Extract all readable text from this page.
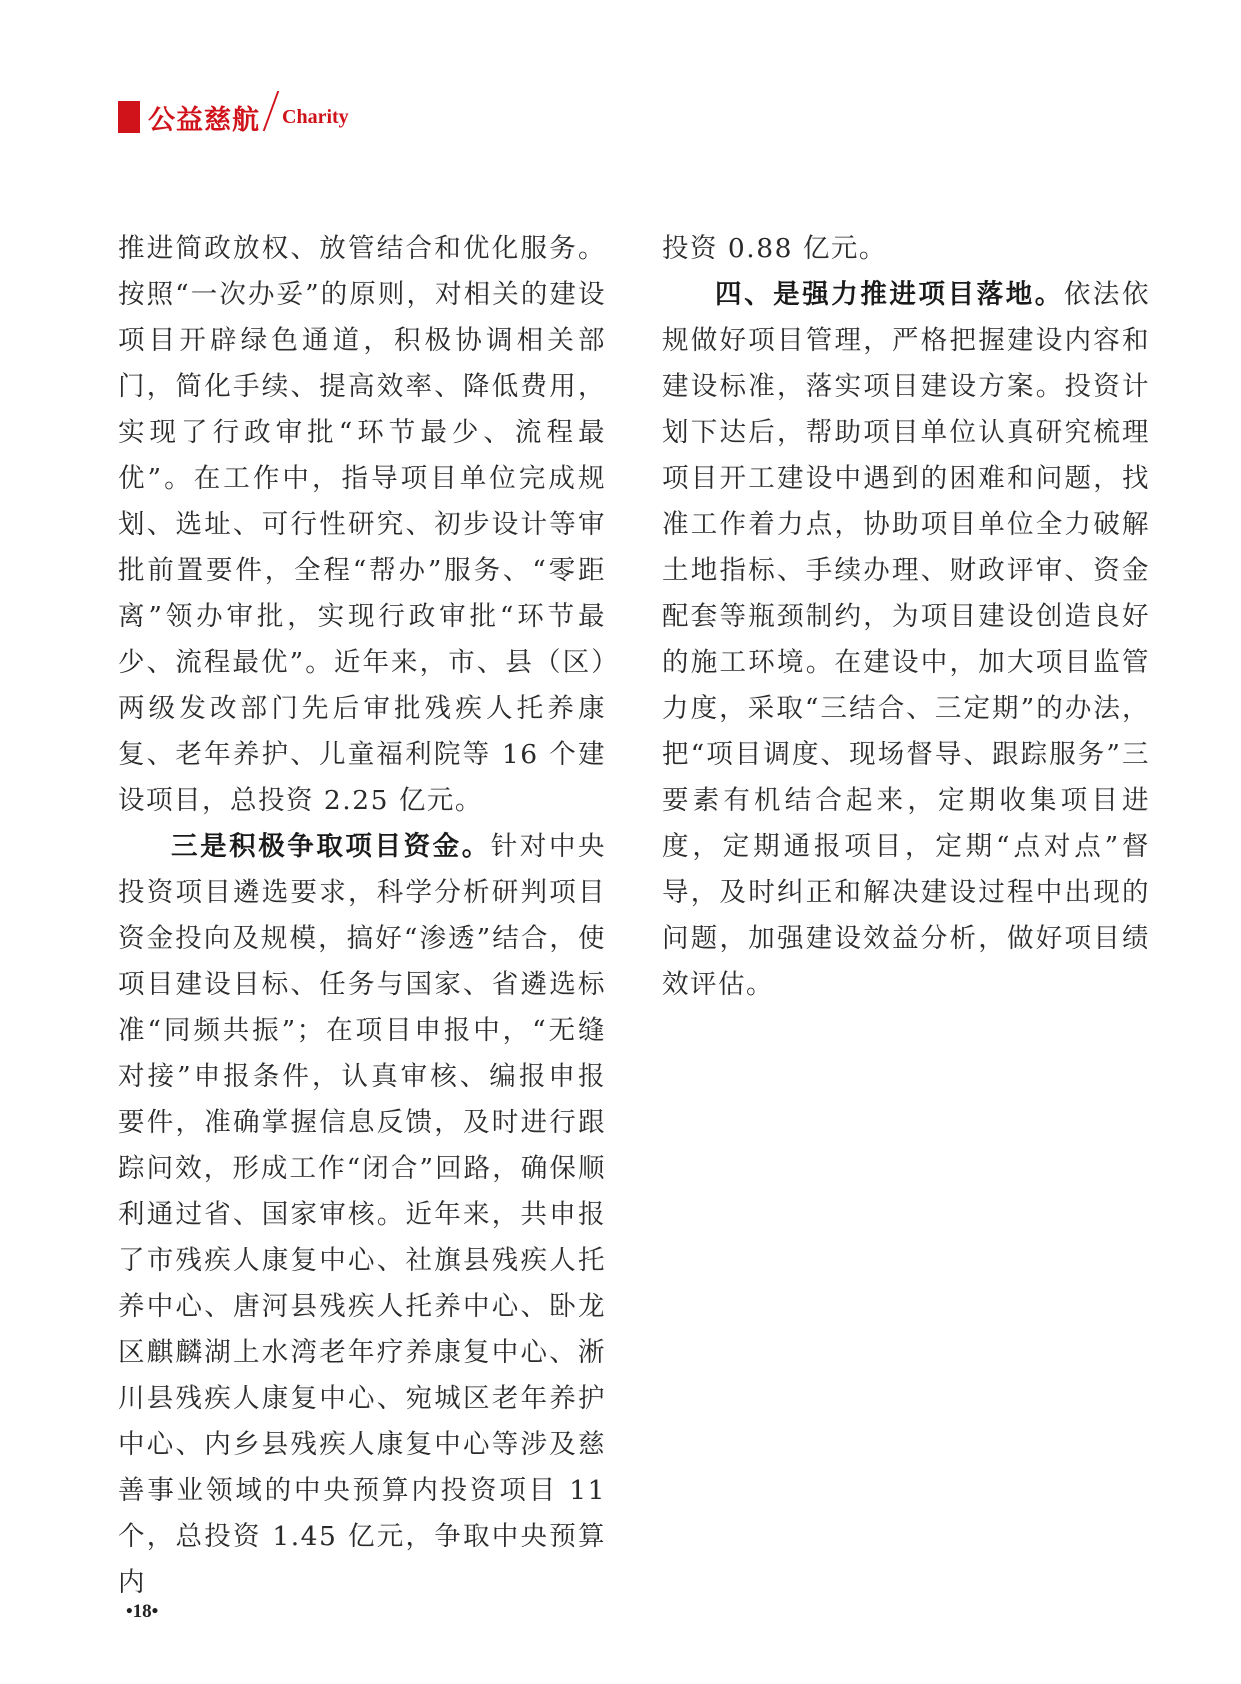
公益慈航 Charity

推进简政放权、放管结合和优化服务。按照“一次办妥”的原则，对相关的建设项目开辟绿色通道，积极协调相关部门，简化手续、提高效率、降低费用，实现了行政审批“环节最少、流程最优”。在工作中，指导项目单位完成规划、选址、可行性研究、初步设计等审批前置要件，全程“帮办”服务、“零距离”领办审批，实现行政审批“环节最少、流程最优”。近年来，市、县（区）两级发改部门先后审批残疾人托养康复、老年养护、儿童福利院等 16 个建设项目，总投资 2.25 亿元。

三是积极争取项目资金。针对中央投资项目遴选要求，科学分析研判项目资金投向及规模，搞好“渗透”结合，使项目建设目标、任务与国家、省遴选标准“同频共振”；在项目申报中，“无缝对接”申报条件，认真审核、编报申报要件，准确掌握信息反馈，及时进行跟踪问效，形成工作“闭合”回路，确保顺利通过省、国家审核。近年来，共申报了市残疾人康复中心、社旗县残疾人托养中心、唐河县残疾人托养中心、卧龙区麒麟湖上水湾老年疗养康复中心、淅川县残疾人康复中心、宛城区老年养护中心、内乡县残疾人康复中心等涉及慈善事业领域的中央预算内投资项目 11 个，总投资 1.45 亿元，争取中央预算内

投资 0.88 亿元。

四、是强力推进项目落地。依法依规做好项目管理，严格把握建设内容和建设标准，落实项目建设方案。投资计划下达后，帮助项目单位认真研究梳理项目开工建设中遇到的困难和问题，找准工作着力点，协助项目单位全力破解土地指标、手续办理、财政评审、资金配套等瓶颈制约，为项目建设创造良好的施工环境。在建设中，加大项目监管力度，采取“三结合、三定期”的办法，把“项目调度、现场督导、跟踪服务”三要素有机结合起来，定期收集项目进度，定期通报项目，定期“点对点”督导，及时纠正和解决建设过程中出现的问题，加强建设效益分析，做好项目绩效评估。

•18•
